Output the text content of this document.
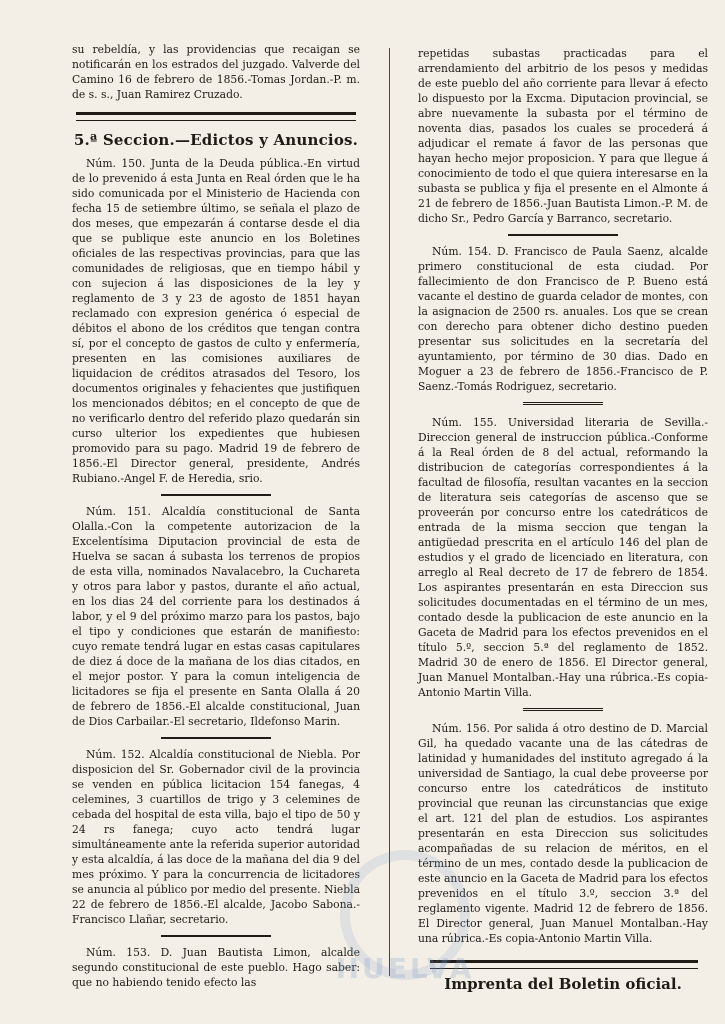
su rebeldía, y las providencias que recaigan se notificarán en los estrados del juzgado. Valverde del Camino 16 de febrero de 1856.-Tomas Jordan.-P. m. de s. s., Juan Ramirez Cruzado.

5.ª Seccion.—Edictos y Anuncios.

Núm. 150. Junta de la Deuda pública.-En virtud de lo prevenido á esta Junta en Real órden que le ha sido comunicada por el Ministerio de Hacienda con fecha 15 de setiembre último, se señala el plazo de dos meses, que empezarán á contarse desde el dia que se publique este anuncio en los Boletines oficiales de las respectivas provincias, para que las comunidades de religiosas, que en tiempo hábil y con sujecion á las disposiciones de la ley y reglamento de 3 y 23 de agosto de 1851 hayan reclamado con expresion genérica ó especial de débitos el abono de los créditos que tengan contra sí, por el concepto de gastos de culto y enfermería, presenten en las comisiones auxiliares de liquidacion de créditos atrasados del Tesoro, los documentos originales y fehacientes que justifiquen los mencionados débitos; en el concepto de que de no verificarlo dentro del referido plazo quedarán sin curso ulterior los expedientes que hubiesen promovido para su pago. Madrid 19 de febrero de 1856.-El Director general, presidente, Andrés Rubiano.-Angel F. de Heredia, srio.

Núm. 151. Alcaldía constitucional de Santa Olalla.-Con la competente autorizacion de la Excelentísima Diputacion provincial de esta de Huelva se sacan á subasta los terrenos de propios de esta villa, nominados Navalacebro, la Cuchareta y otros para labor y pastos, durante el año actual, en los dias 24 del corriente para los destinados á labor, y el 9 del próximo marzo para los pastos, bajo el tipo y condiciones que estarán de manifiesto: cuyo remate tendrá lugar en estas casas capitulares de diez á doce de la mañana de los dias citados, en el mejor postor. Y para la comun inteligencia de licitadores se fija el presente en Santa Olalla á 20 de febrero de 1856.-El alcalde constitucional, Juan de Dios Carbailar.-El secretario, Ildefonso Marin.

Núm. 152. Alcaldía constitucional de Niebla. Por disposicion del Sr. Gobernador civil de la provincia se venden en pública licitacion 154 fanegas, 4 celemines, 3 cuartillos de trigo y 3 celemines de cebada del hospital de esta villa, bajo el tipo de 50 y 24 rs fanega; cuyo acto tendrá lugar simultáneamente ante la referida superior autoridad y esta alcaldía, á las doce de la mañana del dia 9 del mes próximo. Y para la concurrencia de licitadores se anuncia al público por medio del presente. Niebla 22 de febrero de 1856.-El alcalde, Jacobo Sabona.-Francisco Llañar, secretario.

Núm. 153. D. Juan Bautista Limon, alcalde segundo constitucional de este pueblo. Hago saber: que no habiendo tenido efecto las

repetidas subastas practicadas para el arrendamiento del arbitrio de los pesos y medidas de este pueblo del año corriente para llevar á efecto lo dispuesto por la Excma. Diputacion provincial, se abre nuevamente la subasta por el término de noventa dias, pasados los cuales se procederá á adjudicar el remate á favor de las personas que hayan hecho mejor proposicion. Y para que llegue á conocimiento de todo el que quiera interesarse en la subasta se publica y fija el presente en el Almonte á 21 de febrero de 1856.-Juan Bautista Limon.-P. M. de dicho Sr., Pedro García y Barranco, secretario.

Núm. 154. D. Francisco de Paula Saenz, alcalde primero constitucional de esta ciudad. Por fallecimiento de don Francisco de P. Bueno está vacante el destino de guarda celador de montes, con la asignacion de 2500 rs. anuales. Los que se crean con derecho para obtener dicho destino pueden presentar sus solicitudes en la secretaría del ayuntamiento, por término de 30 dias. Dado en Moguer a 23 de febrero de 1856.-Francisco de P. Saenz.-Tomás Rodriguez, secretario.

Núm. 155. Universidad literaria de Sevilla.-Direccion general de instruccion pública.-Conforme á la Real órden de 8 del actual, reformando la distribucion de categorías correspondientes á la facultad de filosofía, resultan vacantes en la seccion de literatura seis categorías de ascenso que se proveerán por concurso entre los catedráticos de entrada de la misma seccion que tengan la antigüedad prescrita en el artículo 146 del plan de estudios y el grado de licenciado en literatura, con arreglo al Real decreto de 17 de febrero de 1854. Los aspirantes presentarán en esta Direccion sus solicitudes documentadas en el término de un mes, contado desde la publicacion de este anuncio en la Gaceta de Madrid para los efectos prevenidos en el título 5.º, seccion 5.ª del reglamento de 1852. Madrid 30 de enero de 1856. El Director general, Juan Manuel Montalban.-Hay una rúbrica.-Es copia-Antonio Martin Villa.

Núm. 156. Por salida á otro destino de D. Marcial Gil, ha quedado vacante una de las cátedras de latinidad y humanidades del instituto agregado á la universidad de Santiago, la cual debe proveerse por concurso entre los catedráticos de instituto provincial que reunan las circunstancias que exige el art. 121 del plan de estudios. Los aspirantes presentarán en esta Direccion sus solicitudes acompañadas de su relacion de méritos, en el término de un mes, contado desde la publicacion de este anuncio en la Gaceta de Madrid para los efectos prevenidos en el título 3.º, seccion 3.ª del reglamento vigente. Madrid 12 de febrero de 1856. El Director general, Juan Manuel Montalban.-Hay una rúbrica.-Es copia-Antonio Martin Villa.

Imprenta del Boletin oficial.
HUELVA
